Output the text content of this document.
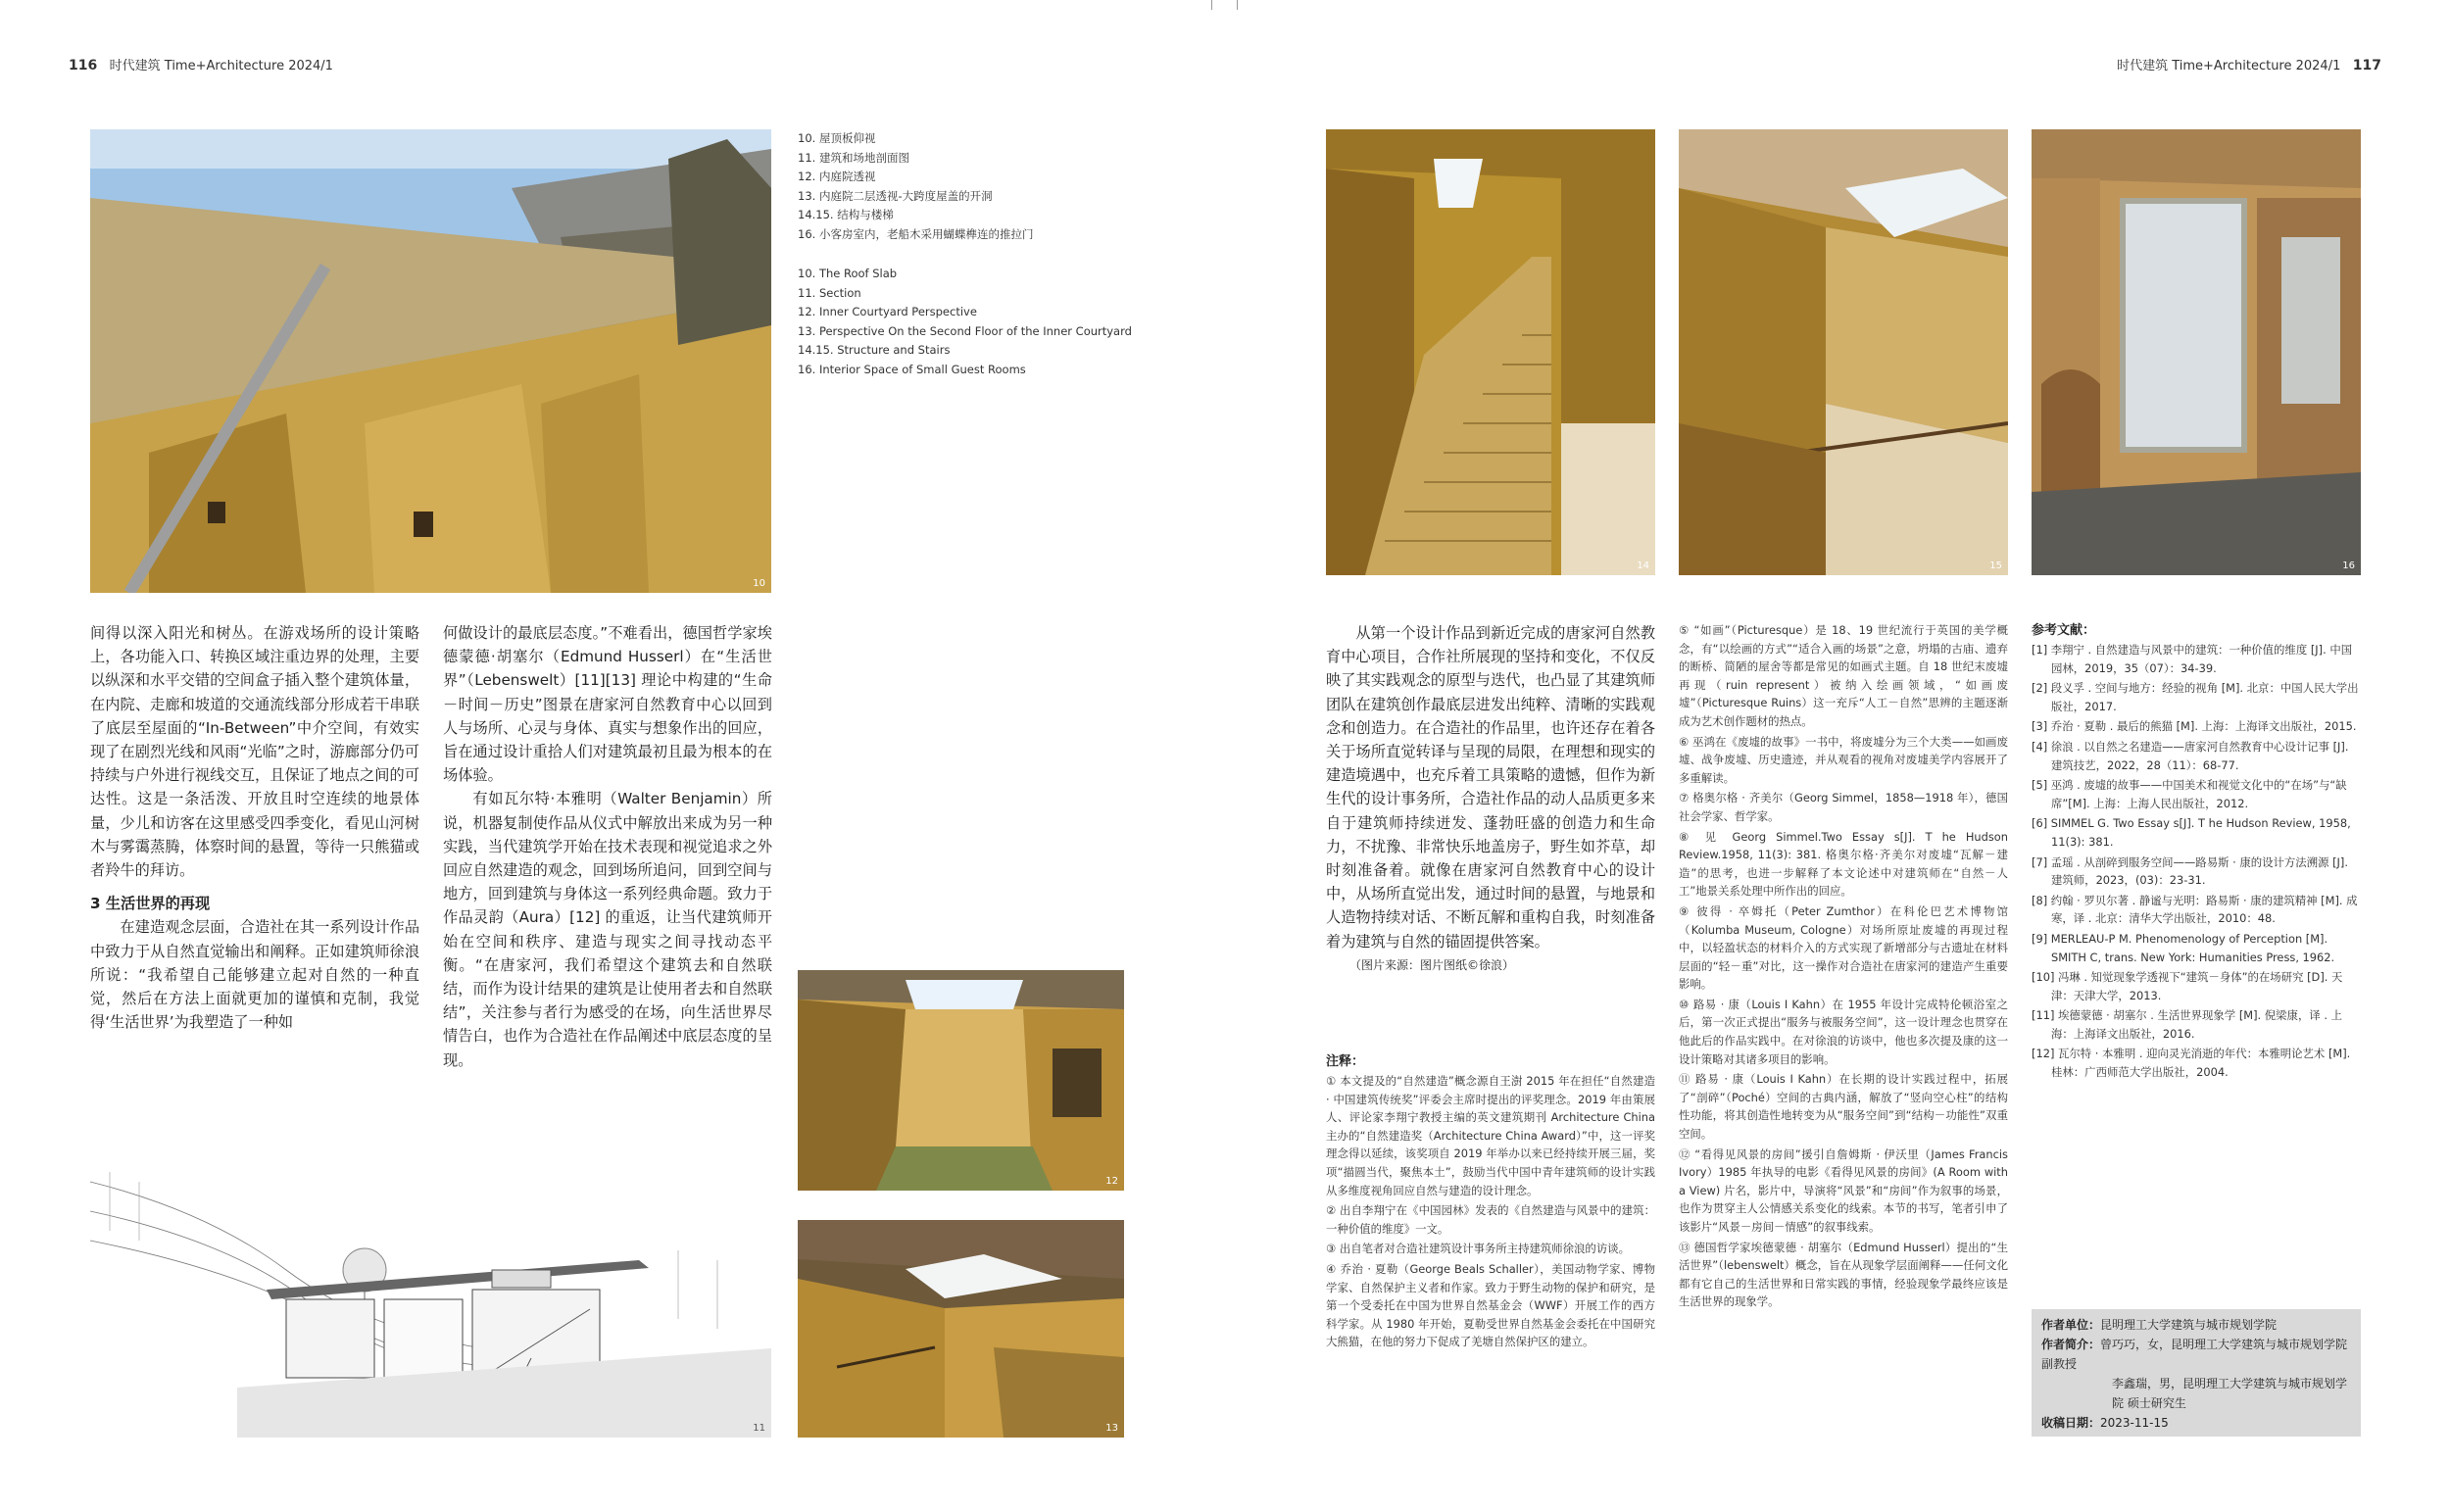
116 时代建筑 Time+Architecture 2024/1	时代建筑 Time+Architecture 2024/1 117
10
10. 屋顶板仰视
11. 建筑和场地剖面图
12. 内庭院透视
13. 内庭院二层透视-大跨度屋盖的开洞
14.15. 结构与楼梯
16. 小客房室内，老船木采用蝴蝶榫连的推拉门
10. The Roof Slab
11. Section
12. Inner Courtyard Perspective
13. Perspective On the Second Floor of the Inner Courtyard
14.15. Structure and Stairs
16. Interior Space of Small Guest Rooms

间得以深入阳光和树丛。在游戏场所的设计策略上，各功能入口、转换区域注重边界的处理，主要以纵深和水平交错的空间盒子插入整个建筑体量，在内院、走廊和坡道的交通流线部分形成若干串联了底层至屋面的“In-Between”中介空间，有效实现了在剧烈光线和风雨“光临”之时，游廊部分仍可持续与户外进行视线交互，且保证了地点之间的可达性。这是一条活泼、开放且时空连续的地景体量，少儿和访客在这里感受四季变化，看见山河树木与雾霭蒸腾，体察时间的悬置，等待一只熊猫或者羚牛的拜访。

3 生活世界的再现

在建造观念层面，合造社在其一系列设计作品中致力于从自然直觉输出和阐释。正如建筑师徐浪所说：“我希望自己能够建立起对自然的一种直觉，然后在方法上面就更加的谨慎和克制，我觉得‘生活世界’为我塑造了一种如

何做设计的最底层态度。”不难看出，德国哲学家埃德蒙德·胡塞尔（Edmund Husserl）在“生活世界”（Lebenswelt）[11][13] 理论中构建的“生命－时间－历史”图景在唐家河自然教育中心以回到人与场所、心灵与身体、真实与想象作出的回应，旨在通过设计重拾人们对建筑最初且最为根本的在场体验。

有如瓦尔特·本雅明（Walter Benjamin）所说，机器复制使作品从仪式中解放出来成为另一种实践，当代建筑学开始在技术表现和视觉追求之外回应自然建造的观念，回到场所追问，回到空间与地方，回到建筑与身体这一系列经典命题。致力于作品灵韵（Aura）[12] 的重返，让当代建筑师开始在空间和秩序、建造与现实之间寻找动态平衡。“在唐家河，我们希望这个建筑去和自然联结，而作为设计结果的建筑是让使用者去和自然联结”，关注参与者行为感受的在场，向生活世界尽情告白，也作为合造社在作品阐述中底层态度的呈现。

11
12
13
14	15	16

从第一个设计作品到新近完成的唐家河自然教育中心项目，合作社所展现的坚持和变化，不仅反映了其实践观念的原型与迭代，也凸显了其建筑师团队在建筑创作最底层进发出纯粹、清晰的实践观念和创造力。在合造社的作品里，也许还存在着各关于场所直觉转译与呈现的局限，在理想和现实的建造境遇中，也充斥着工具策略的遗憾，但作为新生代的设计事务所，合造社作品的动人品质更多来自于建筑师持续迸发、蓬勃旺盛的创造力和生命力，不扰豫、非常快乐地盖房子，野生如芥草，却时刻准备着。就像在唐家河自然教育中心的设计中，从场所直觉出发，通过时间的悬置，与地景和人造物持续对话、不断瓦解和重构自我，时刻准备着为建筑与自然的锚固提供答案。

（图片来源：图片图纸©徐浪）

注释：

① 本文提及的“自然建造”概念源自王澍 2015 年在担任“自然建造 · 中国建筑传统奖”评委会主席时提出的评奖理念。2019 年由策展人、评论家李翔宁教授主编的英文建筑期刊 Architecture China 主办的“自然建造奖（Architecture China Award）”中，这一评奖理念得以延续，该奖项自 2019 年举办以来已经持续开展三届，奖项“描圆当代，聚焦本土”，鼓励当代中国中青年建筑师的设计实践从多维度视角回应自然与建造的设计理念。

② 出自李翔宁在《中国园林》发表的《自然建造与风景中的建筑：一种价值的维度》一文。

③ 出自笔者对合造社建筑设计事务所主持建筑师徐浪的访谈。

④ 乔治 · 夏勒（George Beals Schaller），美国动物学家、博物学家、自然保护主义者和作家。致力于野生动物的保护和研究，是第一个受委托在中国为世界自然基金会（WWF）开展工作的西方科学家。从 1980 年开始，夏勒受世界自然基金会委托在中国研究大熊猫，在他的努力下促成了羌塘自然保护区的建立。

⑤ “如画”（Picturesque）是 18、19 世纪流行于英国的美学概念，有“以绘画的方式”“适合入画的场景”之意，坍塌的古庙、遗弃的断桥、简陋的屋舍等都是常见的如画式主题。自 18 世纪末废墟再现（ruin represent）被纳入绘画领域，“如画废墟”（Picturesque Ruins）这一充斥“人工－自然”思辨的主题逐渐成为艺术创作题材的热点。

⑥ 巫鸿在《废墟的故事》一书中，将废墟分为三个大类——如画废墟、战争废墟、历史遗迹，并从观看的视角对废墟美学内容展开了多重解读。

⑦ 格奥尔格 · 齐美尔（Georg Simmel，1858—1918 年），德国社会学家、哲学家。

⑧ 见 Georg Simmel.Two Essay s[J]. T he Hudson Review.1958, 11(3): 381. 格奥尔格·齐美尔对废墟“瓦解－建造”的思考，也进一步解释了本文论述中对建筑师在“自然－人工”地景关系处理中所作出的回应。

⑨ 彼得 · 卒姆托（Peter Zumthor）在科伦巴艺术博物馆（Kolumba Museum, Cologne）对场所原址废墟的再现过程中，以轻盈状态的材料介入的方式实现了新增部分与古遗址在材料层面的“轻－重”对比，这一操作对合造社在唐家河的建造产生重要影响。

⑩ 路易 · 康（Louis I Kahn）在 1955 年设计完成特伦顿浴室之后，第一次正式提出“服务与被服务空间”，这一设计理念也贯穿在他此后的作品实践中。在对徐浪的访谈中，他也多次提及康的这一设计策略对其诸多项目的影响。

⑪ 路易 · 康（Louis I Kahn）在长期的设计实践过程中，拓展了“剖碎”（Poché）空间的古典内涵，解放了“竖向空心柱”的结构性功能，将其创造性地转变为从“服务空间”到“结构－功能性”双重空间。

⑫ “看得见风景的房间”援引自詹姆斯 · 伊沃里（James Francis Ivory）1985 年执导的电影《看得见风景的房间》(A Room with a View) 片名，影片中，导演将“风景”和“房间”作为叙事的场景，也作为贯穿主人公情感关系变化的线索。本节的书写，笔者引申了该影片“风景－房间－情感”的叙事线索。

⑬ 德国哲学家埃德蒙德 · 胡塞尔（Edmund Husserl）提出的“生活世界”（lebenswelt）概念，旨在从现象学层面阐释——任何文化都有它自己的生活世界和日常实践的事情，经验现象学最终应该是生活世界的现象学。

参考文献：

[1] 李翔宁 . 自然建造与风景中的建筑：一种价值的维度 [J]. 中国园林，2019，35（07）：34-39.

[2] 段义孚 . 空间与地方：经验的视角 [M]. 北京：中国人民大学出版社，2017.

[3] 乔治 · 夏勒 . 最后的熊猫 [M]. 上海：上海译文出版社，2015.

[4] 徐浪 . 以自然之名建造——唐家河自然教育中心设计记事 [J]. 建筑技艺，2022，28（11）：68-77.

[5] 巫鸿 . 废墟的故事——中国美术和视觉文化中的“在场”与“缺席”[M]. 上海：上海人民出版社，2012.

[6] SIMMEL G. Two Essay s[J]. T he Hudson Review, 1958, 11(3): 381.

[7] 孟瑶 . 从剖碎到服务空间——路易斯 · 康的设计方法溯源 [J]. 建筑师，2023，(03)：23-31.

[8] 约翰 · 罗贝尔著 . 静谧与光明：路易斯 · 康的建筑精神 [M]. 成寒，译 . 北京：清华大学出版社，2010：48.

[9] MERLEAU-P M. Phenomenology of Perception [M]. SMITH C, trans. New York: Humanities Press, 1962.

[10] 冯琳 . 知觉现象学透视下“建筑－身体”的在场研究 [D]. 天津：天津大学，2013.

[11] 埃德蒙德 · 胡塞尔 . 生活世界现象学 [M]. 倪梁康，译 . 上海：上海译文出版社，2016.

[12] 瓦尔特 · 本雅明 . 迎向灵光消逝的年代：本雅明论艺术 [M]. 桂林：广西师范大学出版社，2004.

作者单位：昆明理工大学建筑与城市规划学院
作者简介：曾巧巧，女，昆明理工大学建筑与城市规划学院 副教授
李鑫瑞，男，昆明理工大学建筑与城市规划学院 硕士研究生
收稿日期：2023-11-15
